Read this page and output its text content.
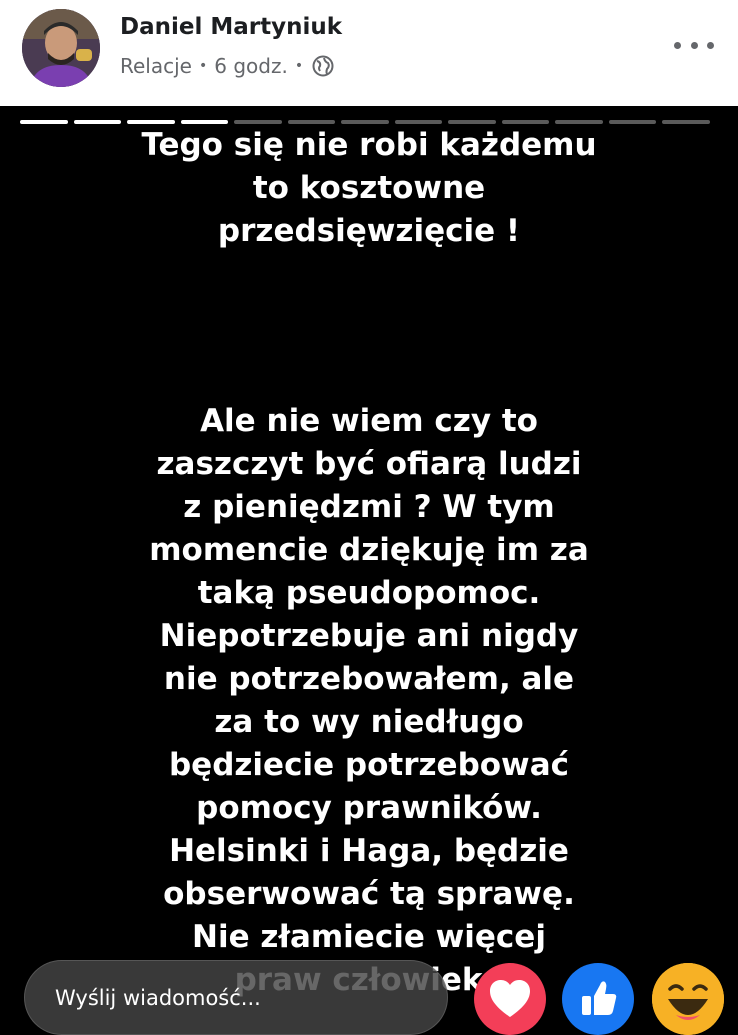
Daniel Martyniuk
Relacje • 6 godz. •
Tego się nie robi każdemu
to kosztowne
przedsięwzięcie !
Ale nie wiem czy to
zaszczyt być ofiarą ludzi
z pieniędzmi ? W tym
momencie dziękuję im za
taką pseudopomoc.
Niepotrzebuje ani nigdy
nie potrzebowałem, ale
za to wy niedługo
będziecie potrzebować
pomocy prawników.
Helsinki i Haga, będzie
obserwować tą sprawę.
Nie złamiecie więcej

Wyślij wiadomość...
